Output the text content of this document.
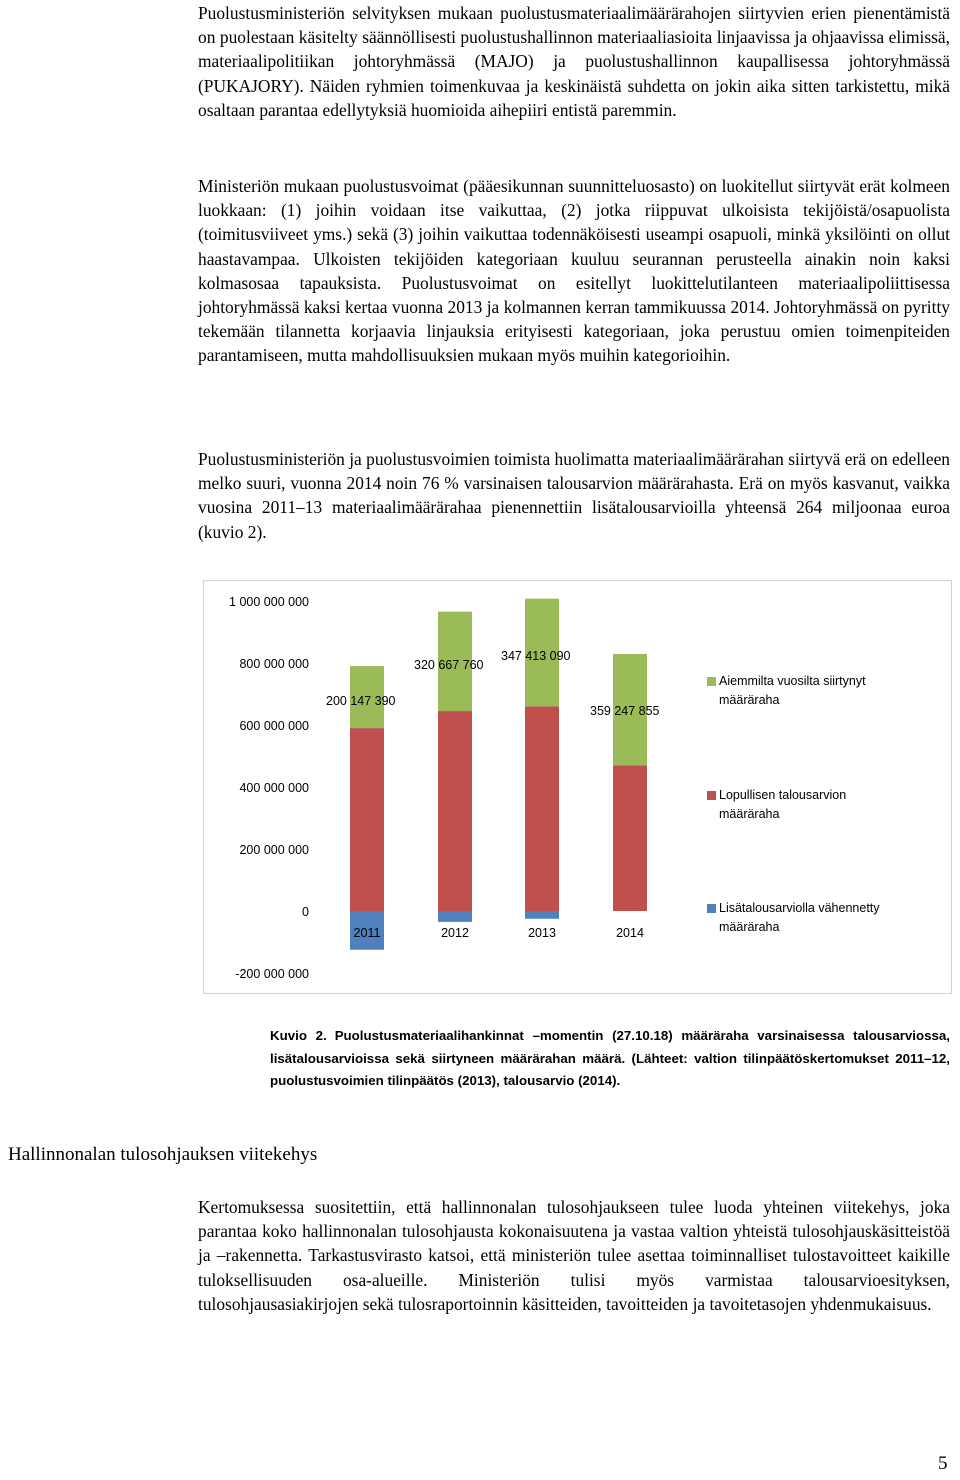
Puolustusministeriön selvityksen mukaan puolustusmateriaalimäärärahojen siirtyvien erien pienentämistä on puolestaan käsitelty säännöllisesti puolustushallinnon materiaaliasioita linjaavissa ja ohjaavissa elimissä, materiaalipolitiikan johtoryhmässä (MAJO) ja puolustushallinnon kaupallisessa johtoryhmässä (PUKAJORY). Näiden ryhmien toimenkuvaa ja keskinäistä suhdetta on jokin aika sitten tarkistettu, mikä osaltaan parantaa edellytyksiä huomioida aihepiiri entistä paremmin.

Ministeriön mukaan puolustusvoimat (pääesikunnan suunnitteluosasto) on luokitellut siirtyvät erät kolmeen luokkaan: (1) joihin voidaan itse vaikuttaa, (2) jotka riippuvat ulkoisista tekijöistä/osapuolista (toimitusviiveet yms.) sekä (3) joihin vaikuttaa todennäköisesti useampi osapuoli, minkä yksilöinti on ollut haastavampaa. Ulkoisten tekijöiden kategoriaan kuuluu seurannan perusteella ainakin noin kaksi kolmasosaa tapauksista. Puolustusvoimat on esitellyt luokittelutilanteen materiaalipoliittisessa johtoryhmässä kaksi kertaa vuonna 2013 ja kolmannen kerran tammikuussa 2014. Johtoryhmässä on pyritty tekemään tilannetta korjaavia linjauksia erityisesti kategoriaan, joka perustuu omien toimenpiteiden parantamiseen, mutta mahdollisuuksien mukaan myös muihin kategorioihin.

Puolustusministeriön ja puolustusvoimien toimista huolimatta materiaalimäärärahan siirtyvä erä on edelleen melko suuri, vuonna 2014 noin 76 % varsinaisen talousarvion määrärahasta. Erä on myös kasvanut, vaikka vuosina 2011–13 materiaalimäärärahaa pienennettiin lisätalousarvioilla yhteensä 264 miljoonaa euroa (kuvio 2).

-200 000 000
0
200 000 000
400 000 000
600 000 000
800 000 000
1 000 000 000
2011	2012	2013	2014
200 147 390
320 667 760
347 413 090
359 247 855
Aiemmilta vuosilta siirtynyt määräraha
Lopullisen talousarvion määräraha
Lisätalousarviolla vähennetty määräraha

Kuvio 2. Puolustusmateriaalihankinnat –momentin (27.10.18) määräraha varsinaisessa talousarviossa, lisätalousarvioissa sekä siirtyneen määrärahan määrä. (Lähteet: valtion tilinpäätöskertomukset 2011–12, puolustusvoimien tilinpäätös (2013), talousarvio (2014).

Hallinnonalan tulosohjauksen viitekehys

Kertomuksessa suositettiin, että hallinnonalan tulosohjaukseen tulee luoda yhteinen viitekehys, joka parantaa koko hallinnonalan tulosohjausta kokonaisuutena ja vastaa valtion yhteistä tulosohjauskäsitteistöä ja –rakennetta. Tarkastusvirasto katsoi, että ministeriön tulee asettaa toiminnalliset tulostavoitteet kaikille tuloksellisuuden osa-alueille. Ministeriön tulisi myös varmistaa talousarvioesityksen, tulosohjausasiakirjojen sekä tulosraportoinnin käsitteiden, tavoitteiden ja tavoitetasojen yhdenmukaisuus.

5
